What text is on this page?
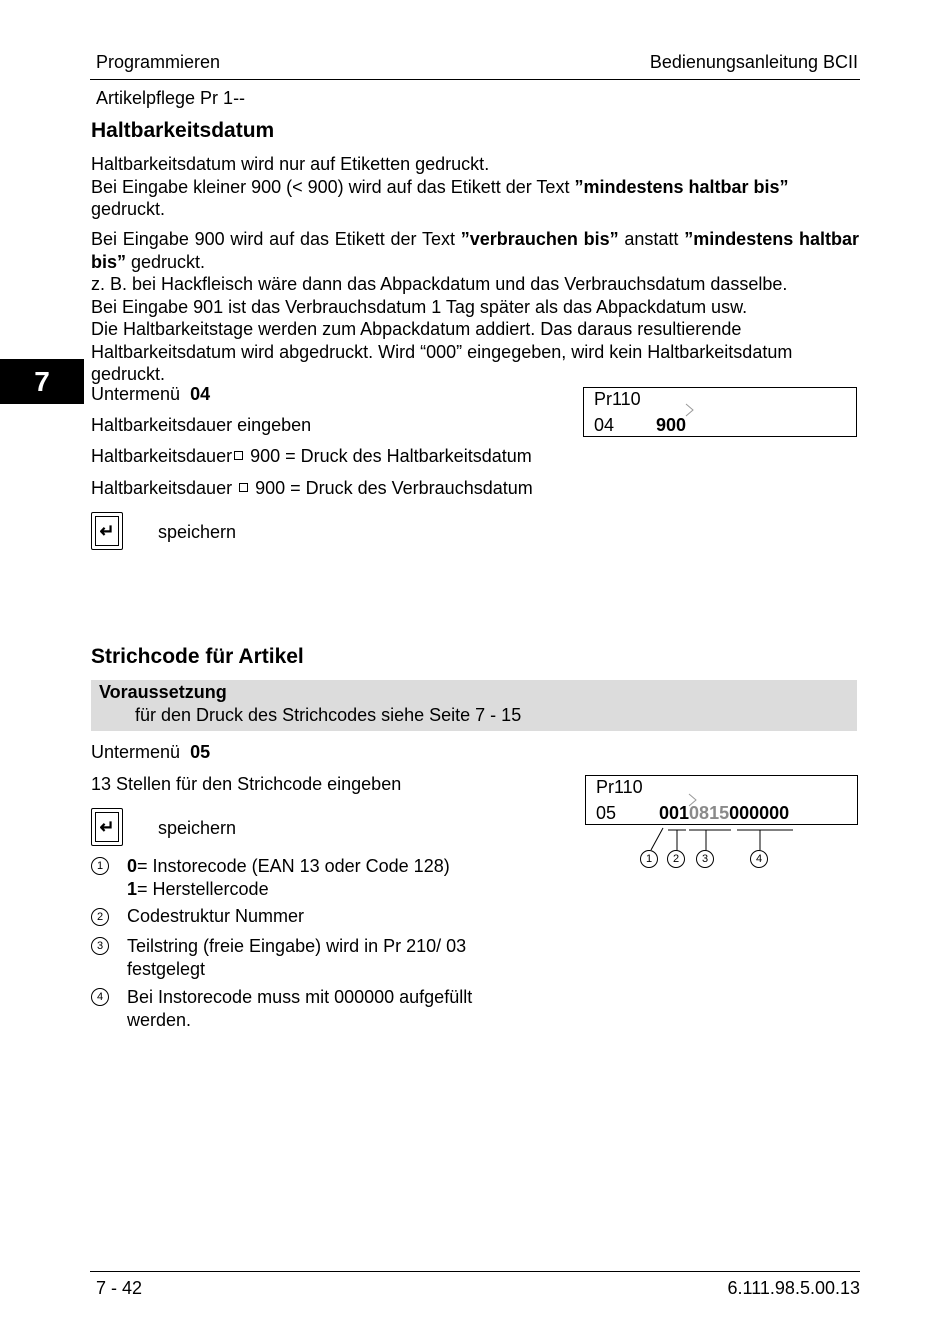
Programmieren	Bedienungsanleitung BCII
Artikelpflege Pr 1--
Haltbarkeitsdatum
Haltbarkeitsdatum wird nur auf Etiketten gedruckt.
Bei Eingabe kleiner 900 (< 900) wird auf das Etikett der Text ”mindestens haltbar bis”
gedruckt.
Bei Eingabe 900 wird auf das Etikett der Text ”verbrauchen bis” anstatt ”mindestens haltbar bis” gedruckt.
z. B. bei Hackfleisch wäre dann das Abpackdatum und das Verbrauchsdatum dasselbe.
Bei Eingabe 901 ist das Verbrauchsdatum 1 Tag später als das Abpackdatum usw.
Die Haltbarkeitstage werden zum Abpackdatum addiert. Das daraus resultierende
Haltbarkeitsdatum wird abgedruckt. Wird “000” eingegeben, wird kein Haltbarkeitsdatum
gedruckt.
7	Untermenü 04
Haltbarkeitsdauer eingeben
Haltbarkeitsdauer 900 = Druck des Haltbarkeitsdatum
Haltbarkeitsdauer  900 = Druck des Verbrauchsdatum
Pr110
04 900
↵ speichern
Strichcode für Artikel
Voraussetzung
für den Druck des Strichcodes siehe Seite 7 - 15
Untermenü 05
13 Stellen für den Strichcode eingeben	Pr110
05 0010815000000
1	2	3	4
↵ speichern
1	0= Instorecode (EAN 13 oder Code 128)
1= Herstellercode
2	Codestruktur Nummer
3	Teilstring (freie Eingabe) wird in Pr 210/ 03
festgelegt
4	Bei Instorecode muss mit 000000 aufgefüllt
werden.
7 - 42	6.111.98.5.00.13
